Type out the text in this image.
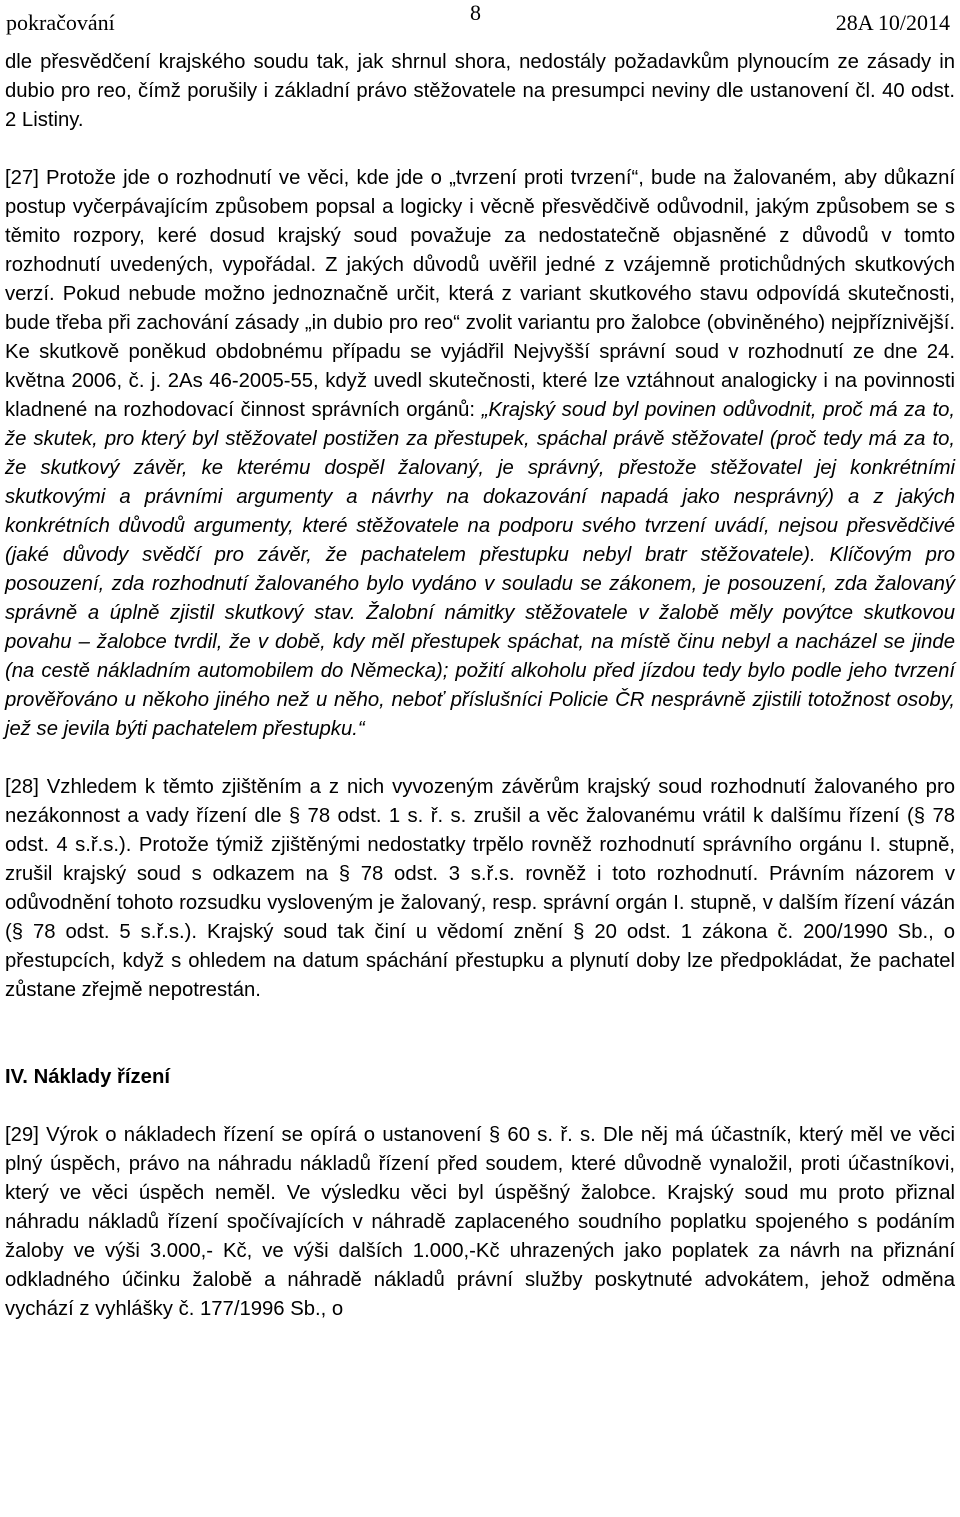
pokračování	8	28A 10/2014

dle přesvědčení krajského soudu tak, jak shrnul shora, nedostály požadavkům plynoucím ze zásady in dubio pro reo, čímž porušily i základní právo stěžovatele na presumpci neviny dle ustanovení čl. 40 odst. 2 Listiny.

[27] Protože jde o rozhodnutí ve věci, kde jde o „tvrzení proti tvrzení“, bude na žalovaném, aby důkazní postup vyčerpávajícím způsobem popsal a logicky i věcně přesvědčivě odůvodnil, jakým způsobem se s těmito rozpory, keré dosud krajský soud považuje za nedostatečně objasněné z důvodů v tomto rozhodnutí uvedených, vypořádal. Z jakých důvodů uvěřil jedné z vzájemně protichůdných skutkových verzí. Pokud nebude možno jednoznačně určit, která z variant skutkového stavu odpovídá skutečnosti, bude třeba při zachování zásady „in dubio pro reo“ zvolit variantu pro žalobce (obviněného) nejpříznivější. Ke skutkově poněkud obdobnému případu se vyjádřil Nejvyšší správní soud v rozhodnutí ze dne 24. května 2006, č. j. 2As 46-2005-55, když uvedl skutečnosti, které lze vztáhnout analogicky i na povinnosti kladnené na rozhodovací činnost správních orgánů: „Krajský soud byl povinen odůvodnit, proč má za to, že skutek, pro který byl stěžovatel postižen za přestupek, spáchal právě stěžovatel (proč tedy má za to, že skutkový závěr, ke kterému dospěl žalovaný, je správný, přestože stěžovatel jej konkrétními skutkovými a právními argumenty a návrhy na dokazování napadá jako nesprávný) a z jakých konkrétních důvodů argumenty, které stěžovatele na podporu svého tvrzení uvádí, nejsou přesvědčivé (jaké důvody svědčí pro závěr, že pachatelem přestupku nebyl bratr stěžovatele). Klíčovým pro posouzení, zda rozhodnutí žalovaného bylo vydáno v souladu se zákonem, je posouzení, zda žalovaný správně a úplně zjistil skutkový stav. Žalobní námitky stěžovatele v žalobě měly povýtce skutkovou povahu – žalobce tvrdil, že v době, kdy měl přestupek spáchat, na místě činu nebyl a nacházel se jinde (na cestě nákladním automobilem do Německa); požití alkoholu před jízdou tedy bylo podle jeho tvrzení prověřováno u někoho jiného než u něho, neboť příslušníci Policie ČR nesprávně zjistili totožnost osoby, jež se jevila býti pachatelem přestupku.“

[28] Vzhledem k těmto zjištěním a z nich vyvozeným závěrům krajský soud rozhodnutí žalovaného pro nezákonnost a vady řízení dle § 78 odst. 1 s. ř. s. zrušil a věc žalovanému vrátil k dalšímu řízení (§ 78 odst. 4 s.ř.s.). Protože týmiž zjištěnými nedostatky trpělo rovněž rozhodnutí správního orgánu I. stupně, zrušil krajský soud s odkazem na § 78 odst. 3 s.ř.s. rovněž i toto rozhodnutí. Právním názorem v odůvodnění tohoto rozsudku vysloveným je žalovaný, resp. správní orgán I. stupně, v dalším řízení vázán (§ 78 odst. 5 s.ř.s.). Krajský soud tak činí u vědomí znění § 20 odst. 1 zákona č. 200/1990 Sb., o přestupcích, když s ohledem na datum spáchání přestupku a plynutí doby lze předpokládat, že pachatel zůstane zřejmě nepotrestán.

IV. Náklady řízení

[29] Výrok o nákladech řízení se opírá o ustanovení § 60 s. ř. s. Dle něj má účastník, který měl ve věci plný úspěch, právo na náhradu nákladů řízení před soudem, které důvodně vynaložil, proti účastníkovi, který ve věci úspěch neměl. Ve výsledku věci byl úspěšný žalobce. Krajský soud mu proto přiznal náhradu nákladů řízení spočívajících v náhradě zaplaceného soudního poplatku spojeného s podáním žaloby ve výši 3.000,- Kč, ve výši dalších 1.000,-Kč uhrazených jako poplatek za návrh na přiznání odkladného účinku žalobě a náhradě nákladů právní služby poskytnuté advokátem, jehož odměna vychází z vyhlášky č. 177/1996 Sb., o
